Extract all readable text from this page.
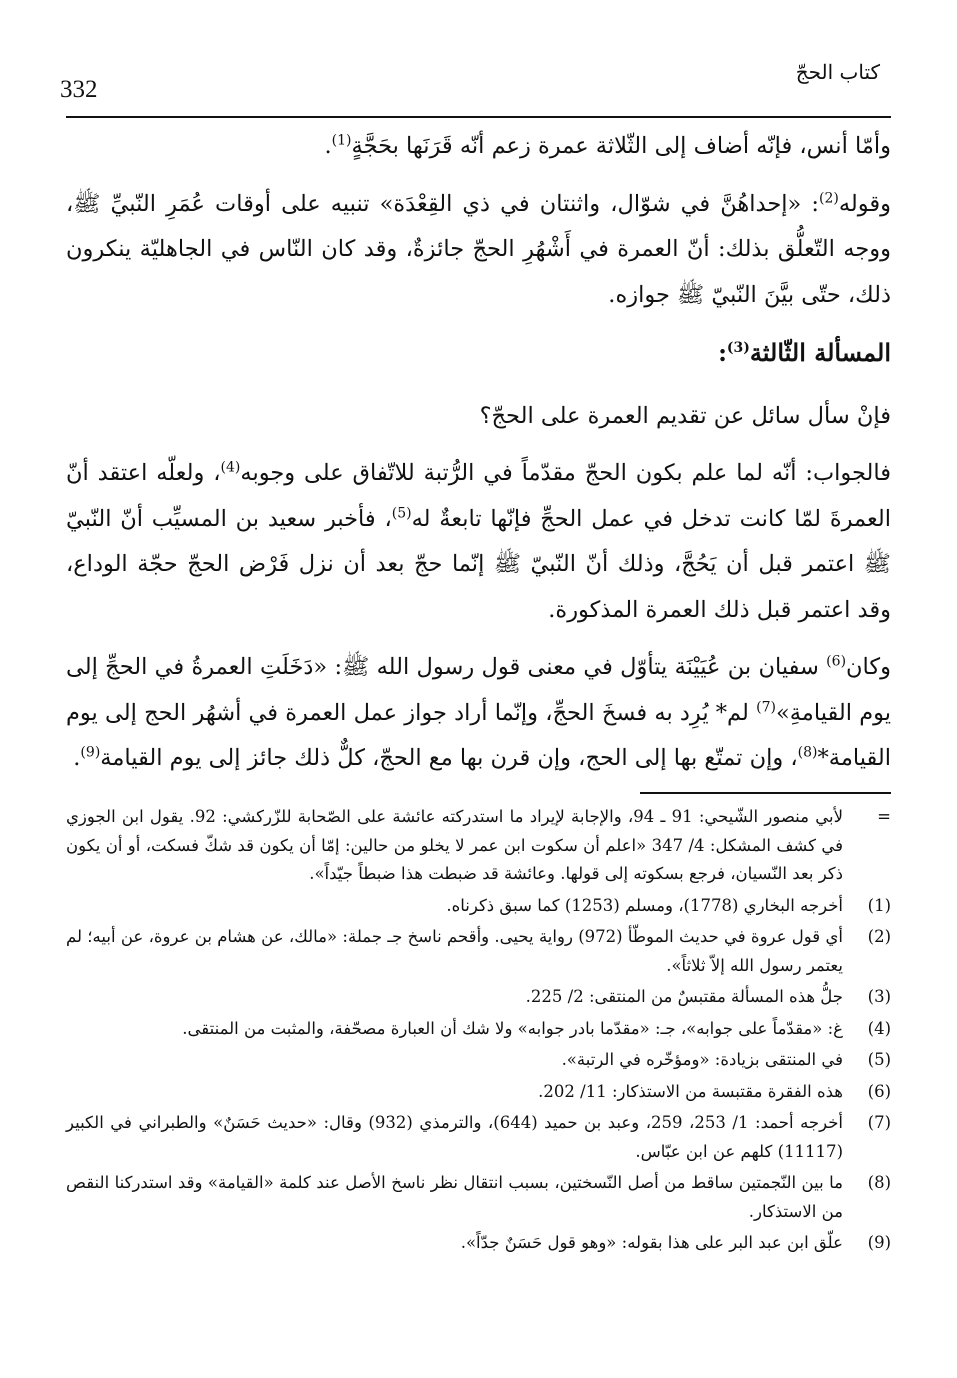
كتاب الحجّ
332

وأمّا أنس، فإنّه أضاف إلى الثّلاثة عمرة زعم أنّه قَرَنَها بحَجَّةٍ$^{(1)}$.

وقوله$^{(2)}$: «إحداهُنَّ في شوّال، واثنتان في ذي القِعْدَة» تنبيه على أوقات عُمَرِ النّبيِّ ﷺ، ووجه التّعلُّق بذلك: أنّ العمرة في أَشْهُرِ الحجّ جائزةٌ، وقد كان النّاس في الجاهليّة ينكرون ذلك، حتّى بيَّنَ النّبيّ ﷺ جوازه.

المسألة الثّالثة$^{(3)}$:

فإنْ سأل سائل عن تقديم العمرة على الحجّ؟

فالجواب: أنّه لما علم بكون الحجّ مقدّماً في الرُّتبة للاتّفاق على وجوبه$^{(4)}$، ولعلّه اعتقد أنّ العمرةَ لمّا كانت تدخل في عمل الحجِّ فإنّها تابعةٌ له$^{(5)}$، فأخبر سعيد بن المسيِّب أنّ النّبيّ ﷺ اعتمر قبل أن يَحُجَّ، وذلك أنّ النّبيّ ﷺ إنّما حجّ بعد أن نزل فَرْض الحجّ حجّة الوداع، وقد اعتمر قبل ذلك العمرة المذكورة.

وكان$^{(6)}$ سفيان بن عُيَيْنَة يتأوّل في معنى قول رسول الله ﷺ: «دَخَلَتِ العمرةُ في الحجِّ إلى يوم القيامةِ»$^{(7)}$ لم* يُرِد به فسخَ الحجِّ، وإنّما أراد جواز عمل العمرة في أشهُر الحج إلى يوم القيامة*$^{(8)}$، وإن تمتّع بها إلى الحج، وإن قرن بها مع الحجّ، كلٌّ ذلك جائز إلى يوم القيامة$^{(9)}$.

=
لأبي منصور الشّيحي: 91 ـ 94، والإجابة لإيراد ما استدركته عائشة على الصّحابة للزّركشي: 92. يقول ابن الجوزي في كشف المشكل: 4/ 347 «اعلم أن سكوت ابن عمر لا يخلو من حالين: إمّا أن يكون قد شكّ فسكت، أو أن يكون ذكر بعد النّسيان، فرجع بسكوته إلى قولها. وعائشة قد ضبطت هذا ضبطاً جيّداً».
(1)
أخرجه البخاري (1778)، ومسلم (1253) كما سبق ذكرناه.
(2)
أي قول عروة في حديث الموطّأ (972) رواية يحيى. وأقحم ناسخ جـ جملة: «مالك، عن هشام بن عروة، عن أبيه؛ لم يعتمر رسول الله إلاّ ثلاثاً».
(3)
جلُّ هذه المسألة مقتبسٌ من المنتقى: 2/ 225.
(4)
غ: «مقدّماً على جوابه»، جـ: «مقدّما بادر جوابه» ولا شك أن العبارة مصحّفة، والمثبت من المنتقى.
(5)
في المنتقى بزيادة: «ومؤخّره في الرتبة».
(6)
هذه الفقرة مقتبسة من الاستذكار: 11/ 202.
(7)
أخرجه أحمد: 1/ 253، 259، وعبد بن حميد (644)، والترمذي (932) وقال: «حديث حَسَنٌ» والطبراني في الكبير (11117) كلهم عن ابن عبّاس.
(8)
ما بين النّجمتين ساقط من أصل النّسختين، بسبب انتقال نظر ناسخ الأصل عند كلمة «القيامة» وقد استدركنا النقص من الاستذكار.
(9)
علّق ابن عبد البر على هذا بقوله: «وهو قول حَسَنٌ جدّاً».
